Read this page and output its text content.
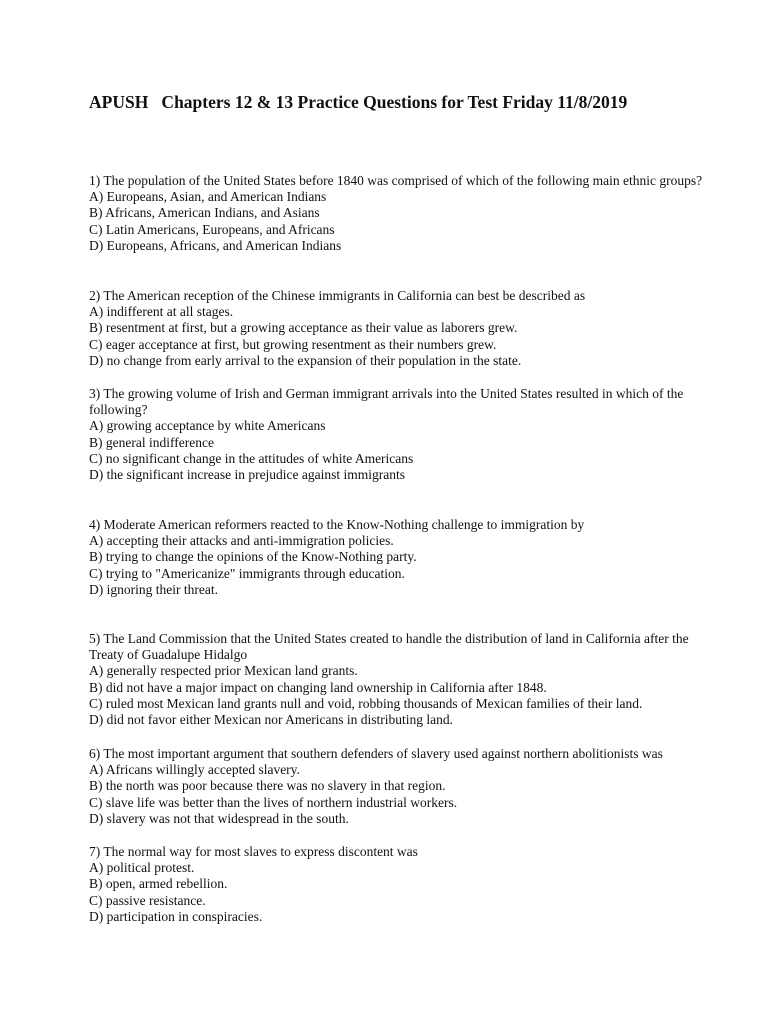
APUSH   Chapters 12 & 13 Practice Questions for Test Friday 11/8/2019
1) The population of the United States before 1840 was comprised of which of the following main ethnic groups?
A) Europeans, Asian, and American Indians
B) Africans, American Indians, and Asians
C) Latin Americans, Europeans, and Africans
D) Europeans, Africans, and American Indians
2) The American reception of the Chinese immigrants in California can best be described as
A) indifferent at all stages.
B) resentment at first, but a growing acceptance as their value as laborers grew.
C) eager acceptance at first, but growing resentment as their numbers grew.
D) no change from early arrival to the expansion of their population in the state.
3) The growing volume of Irish and German immigrant arrivals into the United States resulted in which of the following?
A) growing acceptance by white Americans
B) general indifference
C) no significant change in the attitudes of white Americans
D) the significant increase in prejudice against immigrants
4) Moderate American reformers reacted to the Know-Nothing challenge to immigration by
A) accepting their attacks and anti-immigration policies.
B) trying to change the opinions of the Know-Nothing party.
C) trying to "Americanize" immigrants through education.
D) ignoring their threat.
5) The Land Commission that the United States created to handle the distribution of land in California after the Treaty of Guadalupe Hidalgo
A) generally respected prior Mexican land grants.
B) did not have a major impact on changing land ownership in California after 1848.
C) ruled most Mexican land grants null and void, robbing thousands of Mexican families of their land.
D) did not favor either Mexican nor Americans in distributing land.
6) The most important argument that southern defenders of slavery used against northern abolitionists was
A) Africans willingly accepted slavery.
B) the north was poor because there was no slavery in that region.
C) slave life was better than the lives of northern industrial workers.
D) slavery was not that widespread in the south.
7) The normal way for most slaves to express discontent was
A) political protest.
B) open, armed rebellion.
C) passive resistance.
D) participation in conspiracies.
